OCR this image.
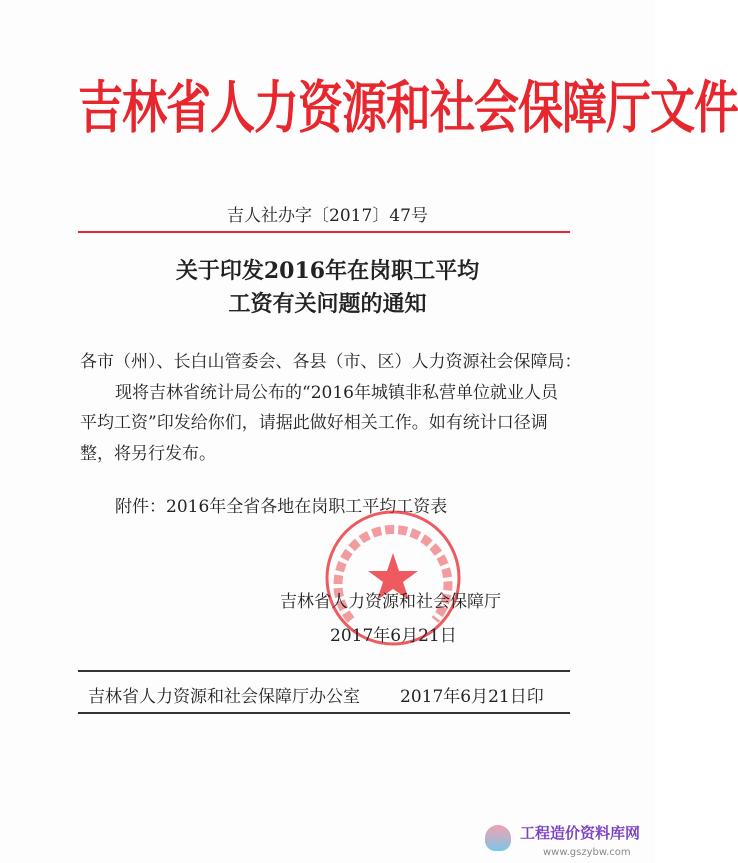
吉林省人力资源和社会保障厅文件
吉人社办字〔2017〕47号
关于印发2016年在岗职工平均
工资有关问题的通知
各市（州）、长白山管委会、各县（市、区）人力资源社会保障局：
现将吉林省统计局公布的“2016年城镇非私营单位就业人员
平均工资”印发给你们，请据此做好相关工作。如有统计口径调
整，将另行发布。
附件：2016年全省各地在岗职工平均工资表
吉林省人力资源和社会保障厅
2017年6月21日
吉林省人力资源和社会保障厅办公室 2017年6月21日印
工程造价资料库网
www.gszybw.com
